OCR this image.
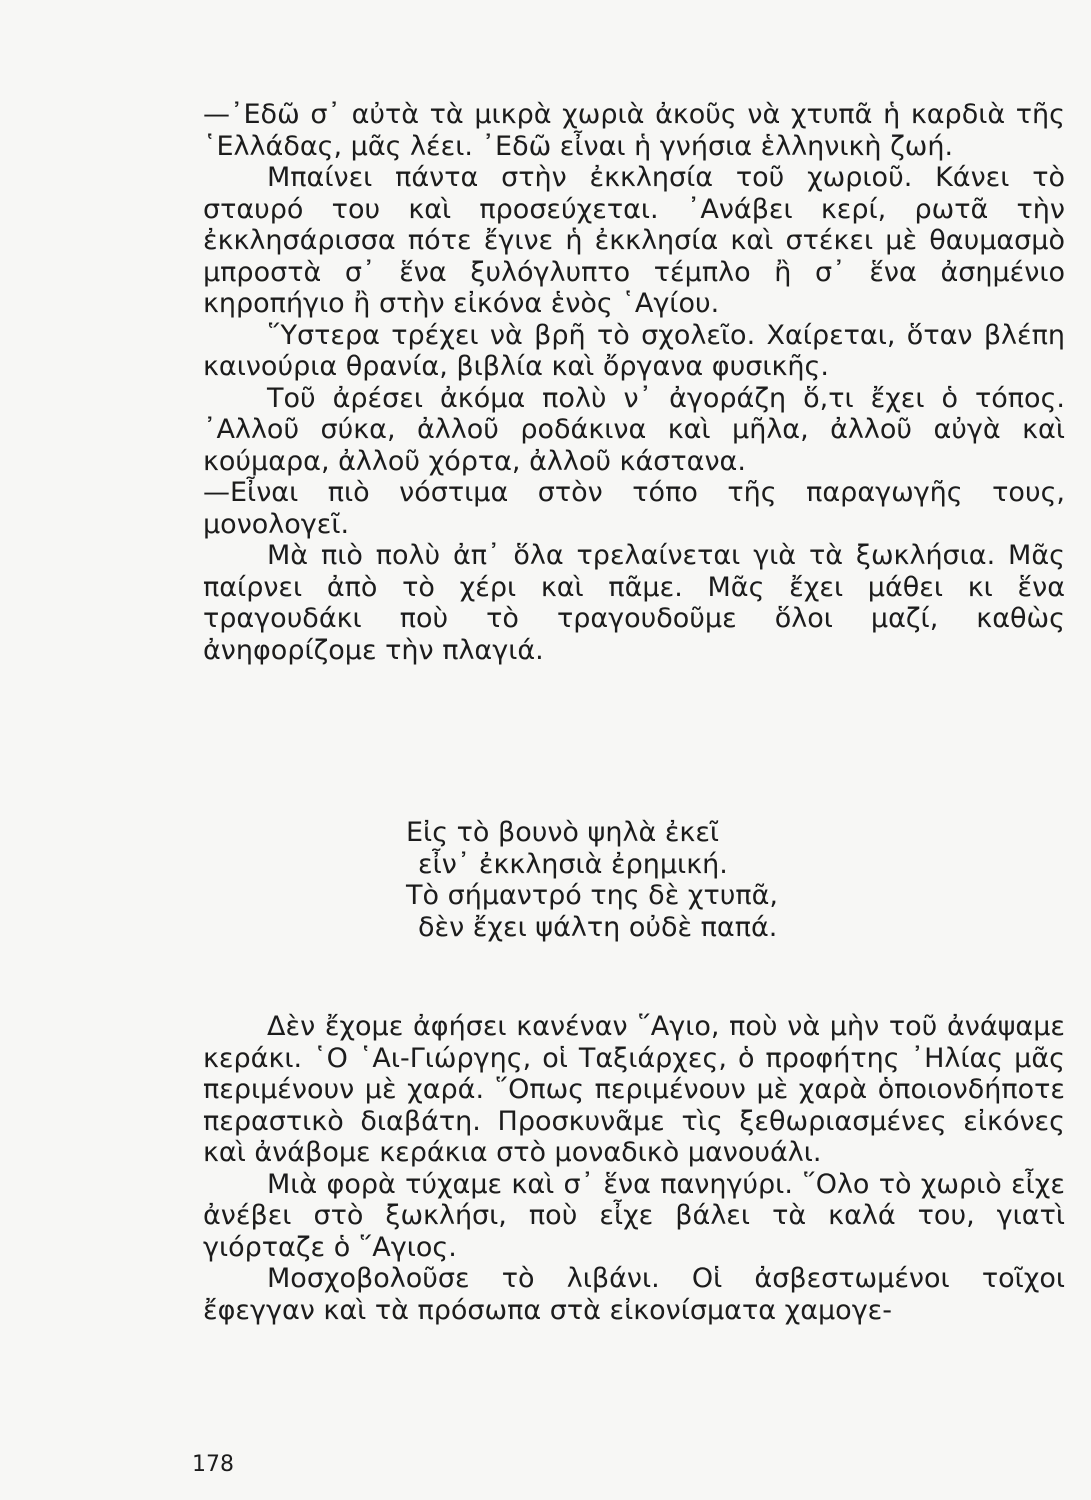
—᾿Εδῶ σ᾿ αὐτὰ τὰ μικρὰ χωριὰ ἀκοῦς νὰ χτυπᾶ ἡ καρδιὰ τῆς ῾Ελλάδας, μᾶς λέει. ᾿Εδῶ εἶναι ἡ γνήσια ἑλληνικὴ ζωή.

Μπαίνει πάντα στὴν ἐκκλησία τοῦ χωριοῦ. Κάνει τὸ σταυρό του καὶ προσεύχεται. ᾿Ανάβει κερί, ρωτᾶ τὴν ἐκκλησάρισσα πότε ἔγινε ἡ ἐκκλησία καὶ στέκει μὲ θαυμασμὸ μπροστὰ σ᾿ ἕνα ξυλόγλυπτο τέμπλο ἢ σ᾿ ἕνα ἀσημένιο κηροπήγιο ἢ στὴν εἰκόνα ἑνὸς ῾Αγίου.

῞Υστερα τρέχει νὰ βρῆ τὸ σχολεῖο. Χαίρεται, ὅταν βλέπη καινούρια θρανία, βιβλία καὶ ὄργανα φυσικῆς.

Τοῦ ἀρέσει ἀκόμα πολὺ ν᾿ ἀγοράζη ὅ,τι ἔχει ὁ τόπος. ᾿Αλλοῦ σύκα, ἀλλοῦ ροδάκινα καὶ μῆλα, ἀλλοῦ αὐγὰ καὶ κούμαρα, ἀλλοῦ χόρτα, ἀλλοῦ κάστανα.

—Εἶναι πιὸ νόστιμα στὸν τόπο τῆς παραγωγῆς τους, μονολογεῖ.

Μὰ πιὸ πολὺ ἀπ᾿ ὅλα τρελαίνεται γιὰ τὰ ξωκλήσια. Μᾶς παίρνει ἀπὸ τὸ χέρι καὶ πᾶμε. Μᾶς ἔχει μάθει κι ἕνα τραγουδάκι ποὺ τὸ τραγουδοῦμε ὅλοι μαζί, καθὼς ἀνηφορίζομε τὴν πλαγιά.

Εἰς τὸ βουνὸ ψηλὰ ἐκεῖ
εἶν᾿ ἐκκλησιὰ ἐρημική.
Τὸ σήμαντρό της δὲ χτυπᾶ,
δὲν ἔχει ψάλτη οὐδὲ παπά.

Δὲν ἔχομε ἀφήσει κανέναν ῞Αγιο, ποὺ νὰ μὴν τοῦ ἀνάψαμε κεράκι. ῾Ο ῾Αι-Γιώργης, οἱ Ταξιάρχες, ὁ προφήτης ᾿Ηλίας μᾶς περιμένουν μὲ χαρά. ῞Οπως περιμένουν μὲ χαρὰ ὁποιονδήποτε περαστικὸ διαβάτη. Προσκυνᾶμε τὶς ξεθωριασμένες εἰκόνες καὶ ἀνάβομε κεράκια στὸ μοναδικὸ μανουάλι.

Μιὰ φορὰ τύχαμε καὶ σ᾿ ἕνα πανηγύρι. ῞Ολο τὸ χωριὸ εἶχε ἀνέβει στὸ ξωκλήσι, ποὺ εἶχε βάλει τὰ καλά του, γιατὶ γιόρταζε ὁ ῞Αγιος.

Μοσχοβολοῦσε τὸ λιβάνι. Οἱ ἀσβεστωμένοι τοῖχοι ἔφεγγαν καὶ τὰ πρόσωπα στὰ εἰκονίσματα χαμογε-

178
